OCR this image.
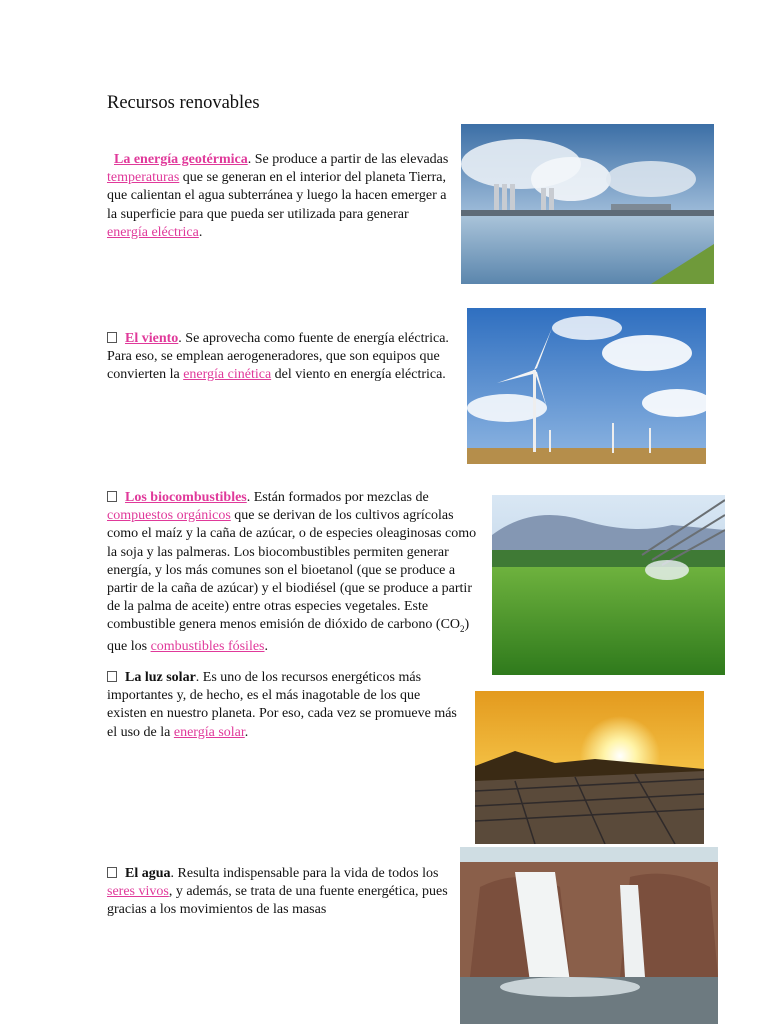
Recursos renovables

La energía geotérmica. Se produce a partir de las elevadas temperaturas que se generan en el interior del planeta Tierra, que calientan el agua subterránea y luego la hacen emerger a la superficie para que pueda ser utilizada para generar energía eléctrica.

El viento. Se aprovecha como fuente de energía eléctrica. Para eso, se emplean aerogeneradores, que son equipos que convierten la energía cinética del viento en energía eléctrica.

Los biocombustibles. Están formados por mezclas de compuestos orgánicos que se derivan de los cultivos agrícolas como el maíz y la caña de azúcar, o de especies oleaginosas como la soja y las palmeras. Los biocombustibles permiten generar energía, y los más comunes son el bioetanol (que se produce a partir de la caña de azúcar) y el biodiésel (que se produce a partir de la palma de aceite) entre otras especies vegetales. Este combustible genera menos emisión de dióxido de carbono $(CO_2)$ que los combustibles fósiles.

La luz solar. Es uno de los recursos energéticos más importantes y, de hecho, es el más inagotable de los que existen en nuestro planeta. Por eso, cada vez se promueve más el uso de la energía solar.

El agua. Resulta indispensable para la vida de todos los seres vivos, y además, se trata de una fuente energética, pues gracias a los movimientos de las masas
